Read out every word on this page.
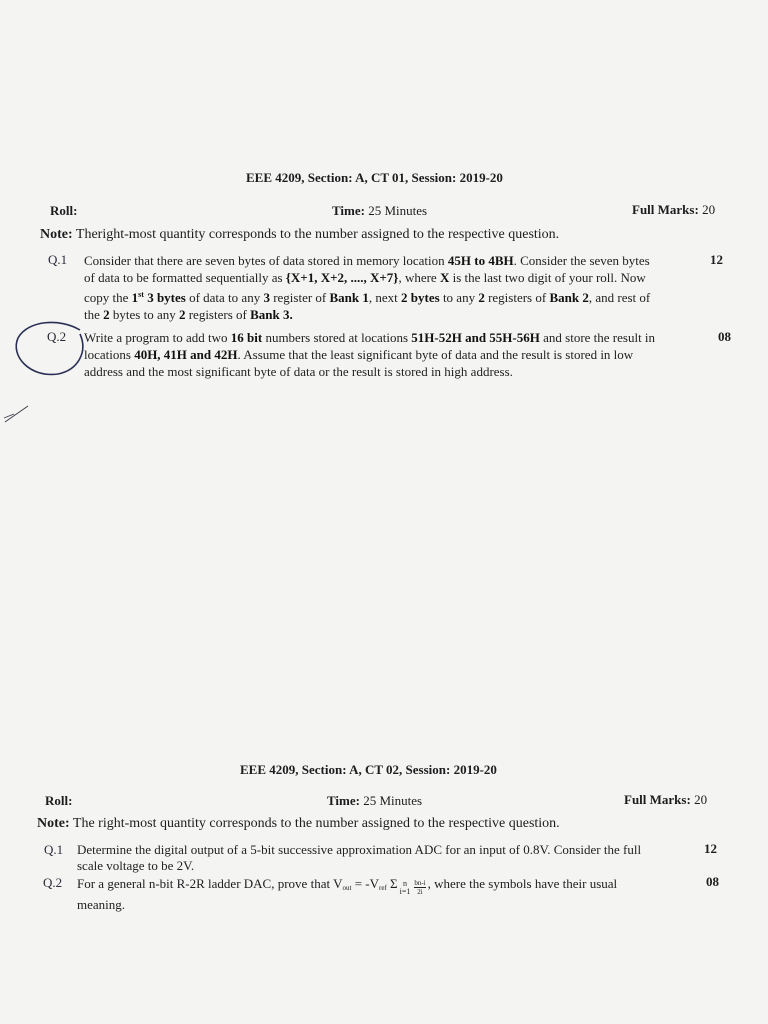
EEE 4209, Section: A, CT 01, Session: 2019-20
Roll:	Time: 25 Minutes	Full Marks: 20
Note: Theright-most quantity corresponds to the number assigned to the respective question.
Q.1	12
Consider that there are seven bytes of data stored in memory location 45H to 4BH. Consider the seven bytes
of data to be formatted sequentially as {X+1, X+2, ...., X+7}, where X is the last two digit of your roll. Now
copy the 1st 3 bytes of data to any 3 register of Bank 1, next 2 bytes to any 2 registers of Bank 2, and rest of
the 2 bytes to any 2 registers of Bank 3.
Q.2	08
Write a program to add two 16 bit numbers stored at locations 51H-52H and 55H-56H and store the result in
locations 40H, 41H and 42H. Assume that the least significant byte of data and the result is stored in low
address and the most significant byte of data or the result is stored in high address.
EEE 4209, Section: A, CT 02, Session: 2019-20
Roll:	Time: 25 Minutes	Full Marks: 20
Note: The right-most quantity corresponds to the number assigned to the respective question.
Q.1	12
Determine the digital output of a 5-bit successive approximation ADC for an input of 0.8V. Consider the full
scale voltage to be 2V.
Q.2	08
For a general n-bit R-2R ladder DAC, prove that $V_{out} = -V_{ref}$ Σ n
$i=1 \frac{bn-i}{2i}$ , where the symbols have their usual
meaning.
